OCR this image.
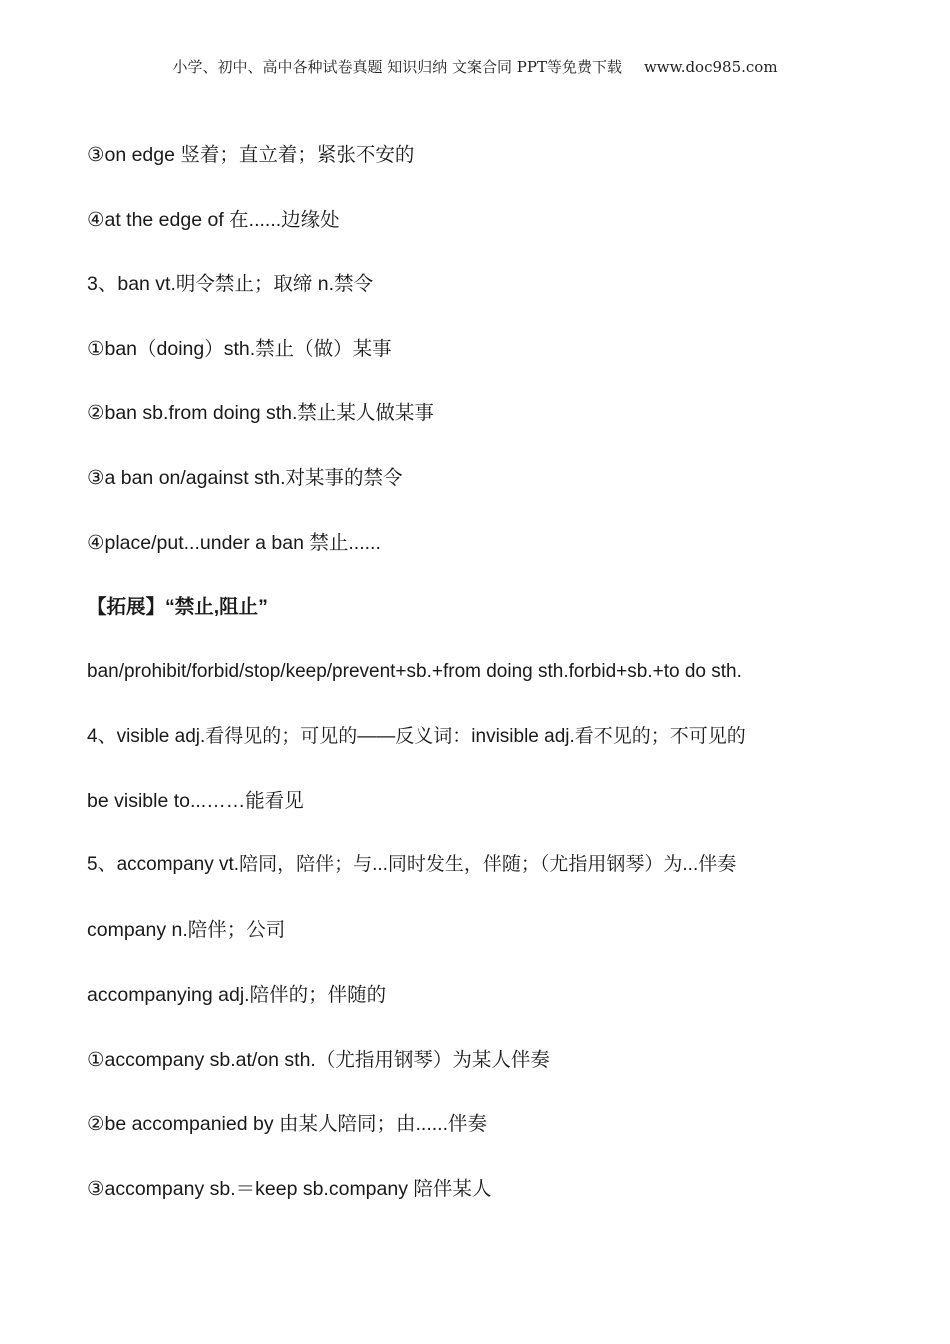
小学、初中、高中各种试卷真题 知识归纳 文案合同 PPT等免费下载 www.doc985.com
③on edge 竖着；直立着；紧张不安的
④at the edge of 在......边缘处
3、ban vt.明令禁止；取缔 n.禁令
①ban（doing）sth.禁止（做）某事
②ban sb.from doing sth.禁止某人做某事
③a ban on/against sth.对某事的禁令
④place/put...under a ban 禁止......
【拓展】“禁止,阻止”
ban/prohibit/forbid/stop/keep/prevent+sb.+from doing sth.forbid+sb.+to do sth.
4、visible adj.看得见的；可见的——反义词：invisible adj.看不见的；不可见的
be visible to...……能看见
5、accompany vt.陪同，陪伴；与...同时发生，伴随；（尤指用钢琴）为...伴奏
company n.陪伴；公司
accompanying adj.陪伴的；伴随的
①accompany sb.at/on sth.（尤指用钢琴）为某人伴奏
②be accompanied by 由某人陪同；由......伴奏
③accompany sb.＝keep sb.company 陪伴某人
